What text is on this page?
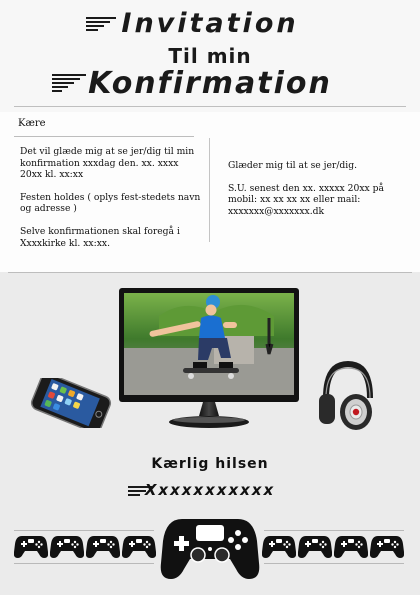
Invitation
Til min
Konfirmation
Kære

Det vil glæde mig at se jer/dig til min konfirmation xxxdag den. xx. xxxx 20xx kl. xx:xx

Festen holdes ( oplys fest-stedets navn og adresse )

Selve konfirmationen skal foregå i Xxxxkirke kl. xx:xx.

Glæder mig til at se jer/dig.

S.U. senest den xx. xxxxx 20xx på mobil: xx xx xx xx eller mail: xxxxxxx@xxxxxxx.dk

Kærlig hilsen
Xxxxxxxxxxx
